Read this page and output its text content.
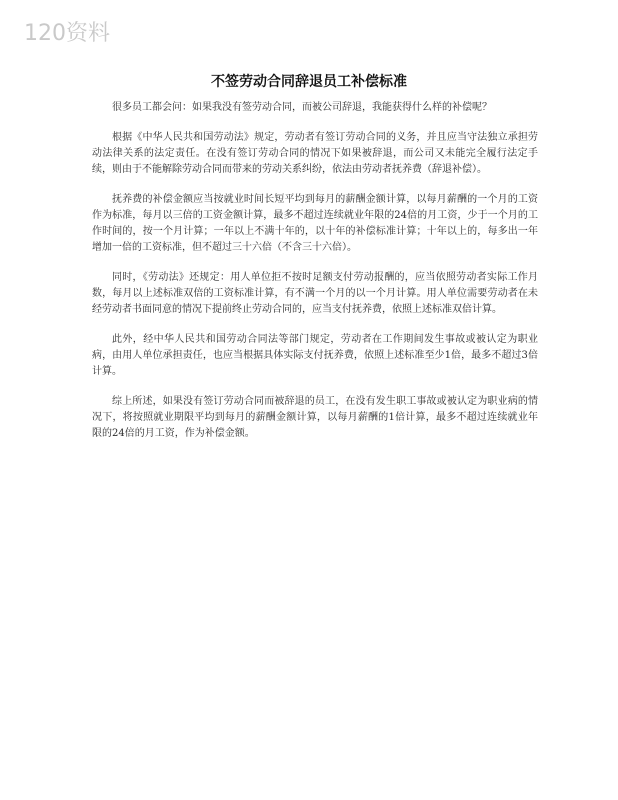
120资料
不签劳动合同辞退员工补偿标准

很多员工都会问：如果我没有签劳动合同，而被公司辞退，我能获得什么样的补偿呢？

根据《中华人民共和国劳动法》规定，劳动者有签订劳动合同的义务，并且应当守法独立承担劳动法律关系的法定责任。在没有签订劳动合同的情况下如果被辞退，而公司又未能完全履行法定手续，则由于不能解除劳动合同而带来的劳动关系纠纷，依法由劳动者抚养费（辞退补偿）。

抚养费的补偿金额应当按就业时间长短平均到每月的薪酬金额计算，以每月薪酬的一个月的工资作为标准，每月以三倍的工资金额计算，最多不超过连续就业年限的24倍的月工资，少于一个月的工作时间的，按一个月计算；一年以上不满十年的，以十年的补偿标准计算；十年以上的，每多出一年增加一倍的工资标准，但不超过三十六倍（不含三十六倍）。

同时，《劳动法》还规定：用人单位拒不按时足额支付劳动报酬的，应当依照劳动者实际工作月数，每月以上述标准双倍的工资标准计算，有不满一个月的以一个月计算。用人单位需要劳动者在未经劳动者书面同意的情况下提前终止劳动合同的，应当支付抚养费，依照上述标准双倍计算。

此外，经中华人民共和国劳动合同法等部门规定，劳动者在工作期间发生事故或被认定为职业病，由用人单位承担责任，也应当根据具体实际支付抚养费，依照上述标准至少1倍，最多不超过3倍计算。

综上所述，如果没有签订劳动合同而被辞退的员工，在没有发生职工事故或被认定为职业病的情况下，将按照就业期限平均到每月的薪酬金额计算，以每月薪酬的1倍计算，最多不超过连续就业年限的24倍的月工资，作为补偿金额。
